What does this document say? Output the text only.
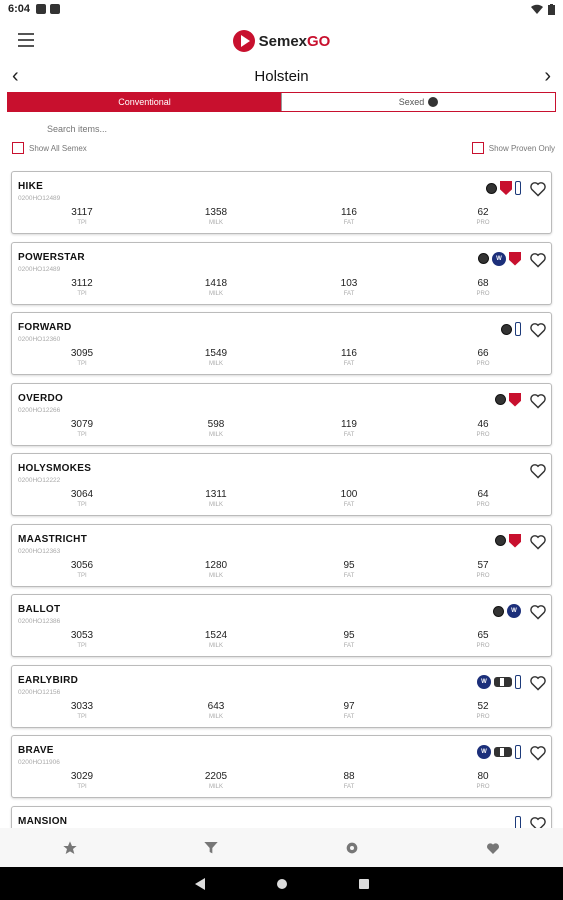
6:04
SemexGO
‹	Holstein	›
Conventional	Sexed
Search items...
Show All Semex	Show Proven Only
HIKE
0200HO12489
3117
TPI
1358
MILK
116
FAT
62
PRO
POWERSTAR
0200HO12489
W
3112
TPI
1418
MILK
103
FAT
68
PRO
FORWARD
0200HO12360
3095
TPI
1549
MILK
116
FAT
66
PRO
OVERDO
0200HO12266
3079
TPI
598
MILK
119
FAT
46
PRO
HOLYSMOKES
0200HO12222
3064
TPI
1311
MILK
100
FAT
64
PRO
MAASTRICHT
0200HO12363
3056
TPI
1280
MILK
95
FAT
57
PRO
BALLOT
0200HO12386
W
3053
TPI
1524
MILK
95
FAT
65
PRO
EARLYBIRD
0200HO12156
W
3033
TPI
643
MILK
97
FAT
52
PRO
BRAVE
0200HO11906
W
3029
TPI
2205
MILK
88
FAT
80
PRO
MANSION
